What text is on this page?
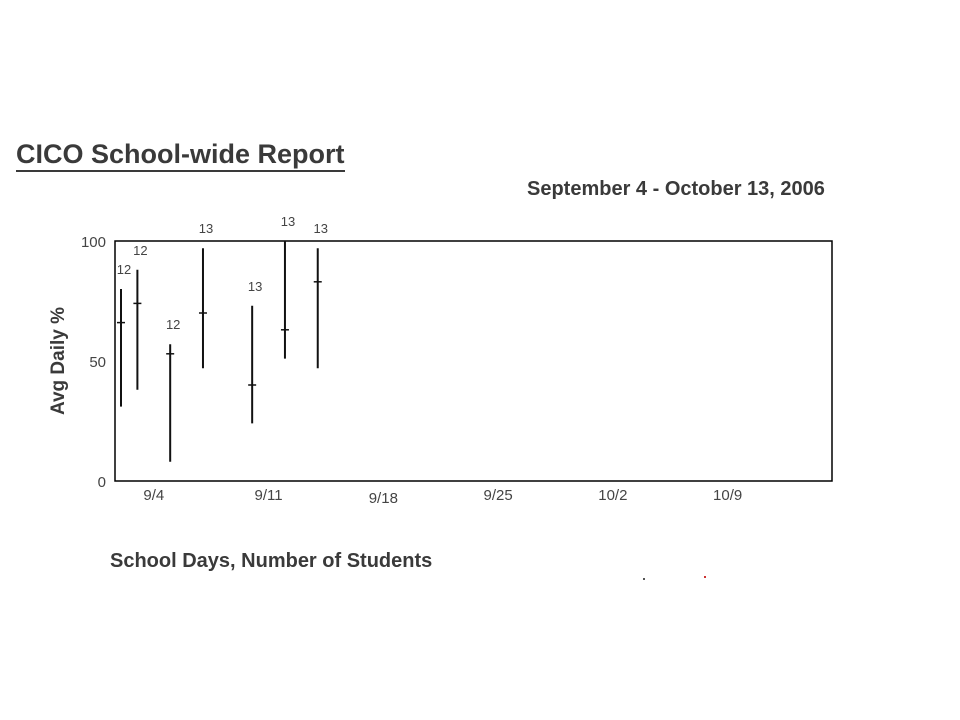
CICO School-wide Report
September 4 - October 13, 2006
Avg Daily %
0
50
100
9/4	9/11	9/18	9/25	10/2	10/9
12
12
12
13
13
13 13
School Days, Number of Students
